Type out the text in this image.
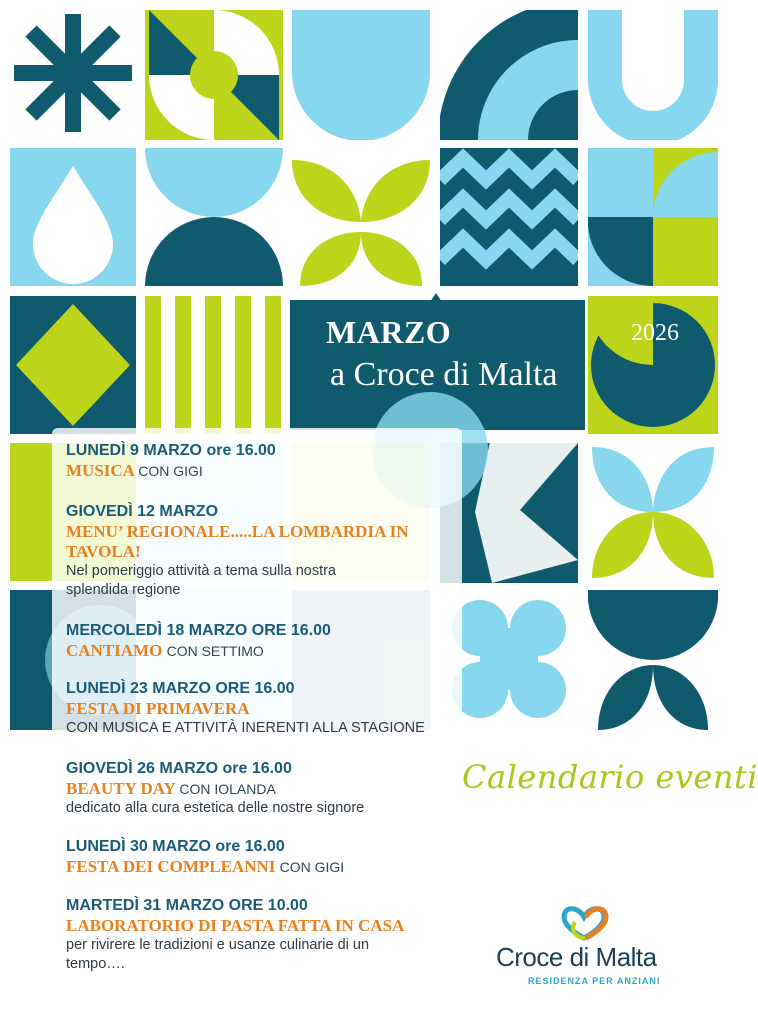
MARZO
a Croce di Malta
2026
LUNEDÌ 9 MARZO ore 16.00
MUSICA CON GIGI
GIOVEDÌ 12 MARZO
MENU’ REGIONALE.....LA LOMBARDIA IN TAVOLA!
Nel pomeriggio attività a tema sulla nostra splendida regione
MERCOLEDÌ 18 MARZO ORE 16.00
CANTIAMO CON SETTIMO
LUNEDÌ 23 MARZO ORE 16.00
FESTA DI PRIMAVERA
CON MUSICA E ATTIVITÀ INERENTI ALLA STAGIONE
GIOVEDÌ 26 MARZO ore 16.00
BEAUTY DAY CON IOLANDA
dedicato alla cura estetica delle nostre signore
LUNEDÌ 30 MARZO ore 16.00
FESTA DEI COMPLEANNI CON GIGI
MARTEDÌ 31 MARZO ORE 10.00
LABORATORIO DI PASTA FATTA IN CASA
per rivirere le tradizioni e usanze culinarie di un tempo….
Calendario eventi
Croce di Malta
RESIDENZA PER ANZIANI
